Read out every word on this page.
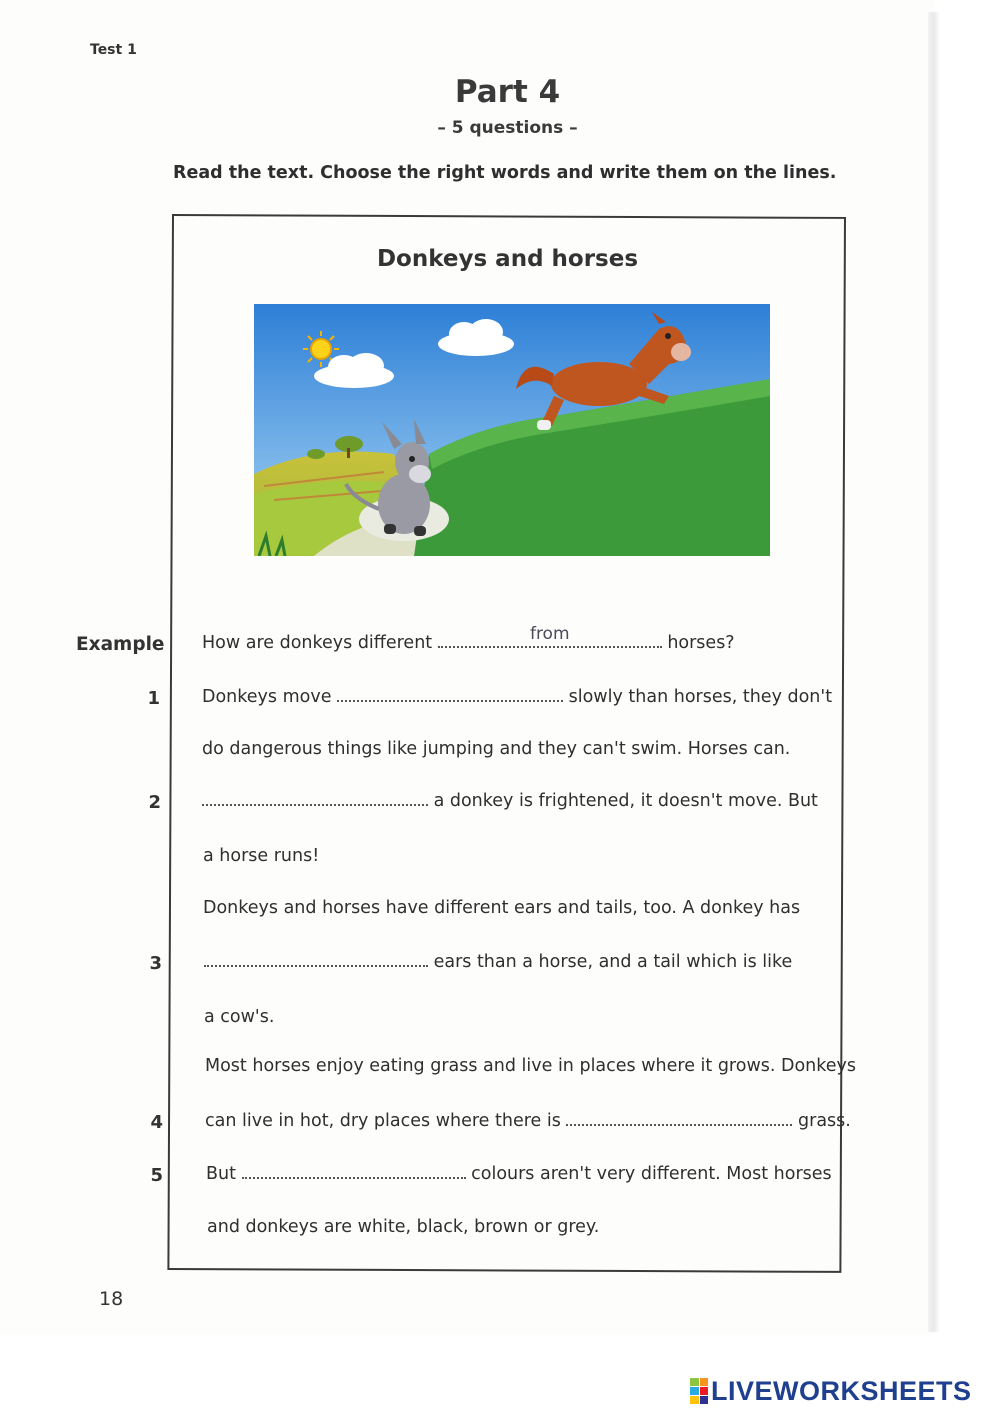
Test 1
Part 4
– 5 questions –
Read the text. Choose the right words and write them on the lines.
Donkeys and horses
Example How are donkeys different	from	horses?
1 Donkeys move	slowly than horses, they don't
do dangerous things like jumping and they can't swim. Horses can.
2	a donkey is frightened, it doesn't move. But
a horse runs!
Donkeys and horses have different ears and tails, too. A donkey has
3	ears than a horse, and a tail which is like
a cow's.
Most horses enjoy eating grass and live in places where it grows. Donkeys
4 can live in hot, dry places where there is	grass.
5 But	colours aren't very different. Most horses
and donkeys are white, black, brown or grey.
18
LIVEWORKSHEETS
